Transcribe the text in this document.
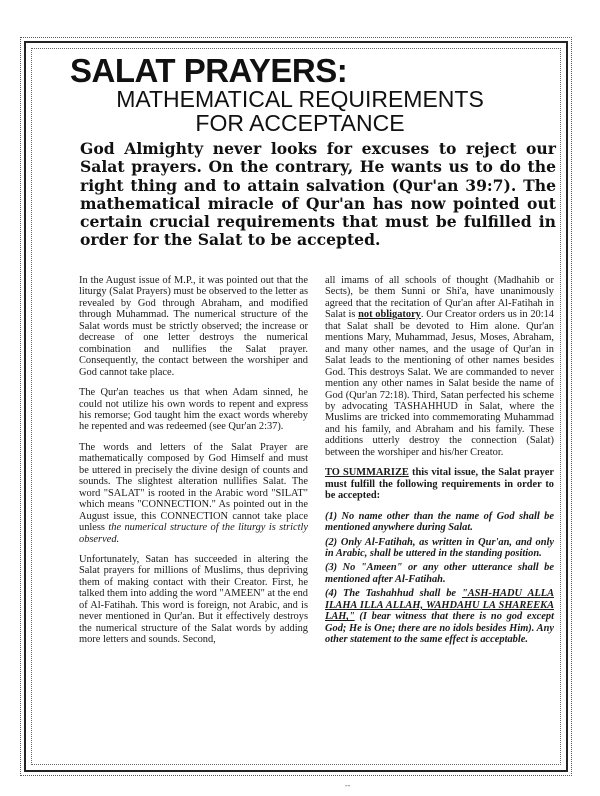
SALAT PRAYERS:
MATHEMATICAL REQUIREMENTS
FOR ACCEPTANCE

God Almighty never looks for excuses to reject our Salat prayers. On the contrary, He wants us to do the right thing and to attain salvation (Qur'an 39:7). The mathematical miracle of Qur'an has now pointed out certain crucial requirements that must be fulfilled in order for the Salat to be accepted.

In the August issue of M.P., it was pointed out that the liturgy (Salat Prayers) must be observed to the letter as revealed by God through Abraham, and modified through Muhammad. The numerical structure of the Salat words must be strictly observed; the increase or decrease of one letter destroys the numerical combination and nullifies the Salat prayer. Consequently, the contact between the worshiper and God cannot take place.

The Qur'an teaches us that when Adam sinned, he could not utilize his own words to repent and express his remorse; God taught him the exact words whereby he repented and was redeemed (see Qur'an 2:37).

The words and letters of the Salat Prayer are mathematically composed by God Himself and must be uttered in precisely the divine design of counts and sounds. The slightest alteration nullifies Salat. The word "SALAT" is rooted in the Arabic word "SILAT" which means "CONNECTION." As pointed out in the August issue, this CONNECTION cannot take place unless the numerical structure of the liturgy is strictly observed.

Unfortunately, Satan has succeeded in altering the Salat prayers for millions of Muslims, thus depriving them of making contact with their Creator. First, he talked them into adding the word "AMEEN" at the end of Al-Fatihah. This word is foreign, not Arabic, and is never mentioned in Qur'an. But it effectively destroys the numerical structure of the Salat words by adding more letters and sounds. Second,

all imams of all schools of thought (Madhahib or Sects), be them Sunni or Shi'a, have unanimously agreed that the recitation of Qur'an after Al-Fatihah in Salat is not obligatory. Our Creator orders us in 20:14 that Salat shall be devoted to Him alone. Qur'an mentions Mary, Muhammad, Jesus, Moses, Abraham, and many other names, and the usage of Qur'an in Salat leads to the mentioning of other names besides God. This destroys Salat. We are commanded to never mention any other names in Salat beside the name of God (Qur'an 72:18). Third, Satan perfected his scheme by advocating TASHAHHUD in Salat, where the Muslims are tricked into commemorating Muhammad and his family, and Abraham and his family. These additions utterly destroy the connection (Salat) between the worshiper and his/her Creator.

TO SUMMARIZE this vital issue, the Salat prayer must fulfill the following requirements in order to be accepted:

(1) No name other than the name of God shall be mentioned anywhere during Salat.

(2) Only Al-Fatihah, as written in Qur'an, and only in Arabic, shall be uttered in the standing position.

(3) No "Ameen" or any other utterance shall be mentioned after Al-Fatihah.

(4) The Tashahhud shall be "ASH-HADU ALLA ILAHA ILLA ALLAH, WAHDAHU LA SHAREEKA LAH," (I bear witness that there is no god except God; He is One; there are no idols besides Him). Any other statement to the same effect is acceptable.

--
